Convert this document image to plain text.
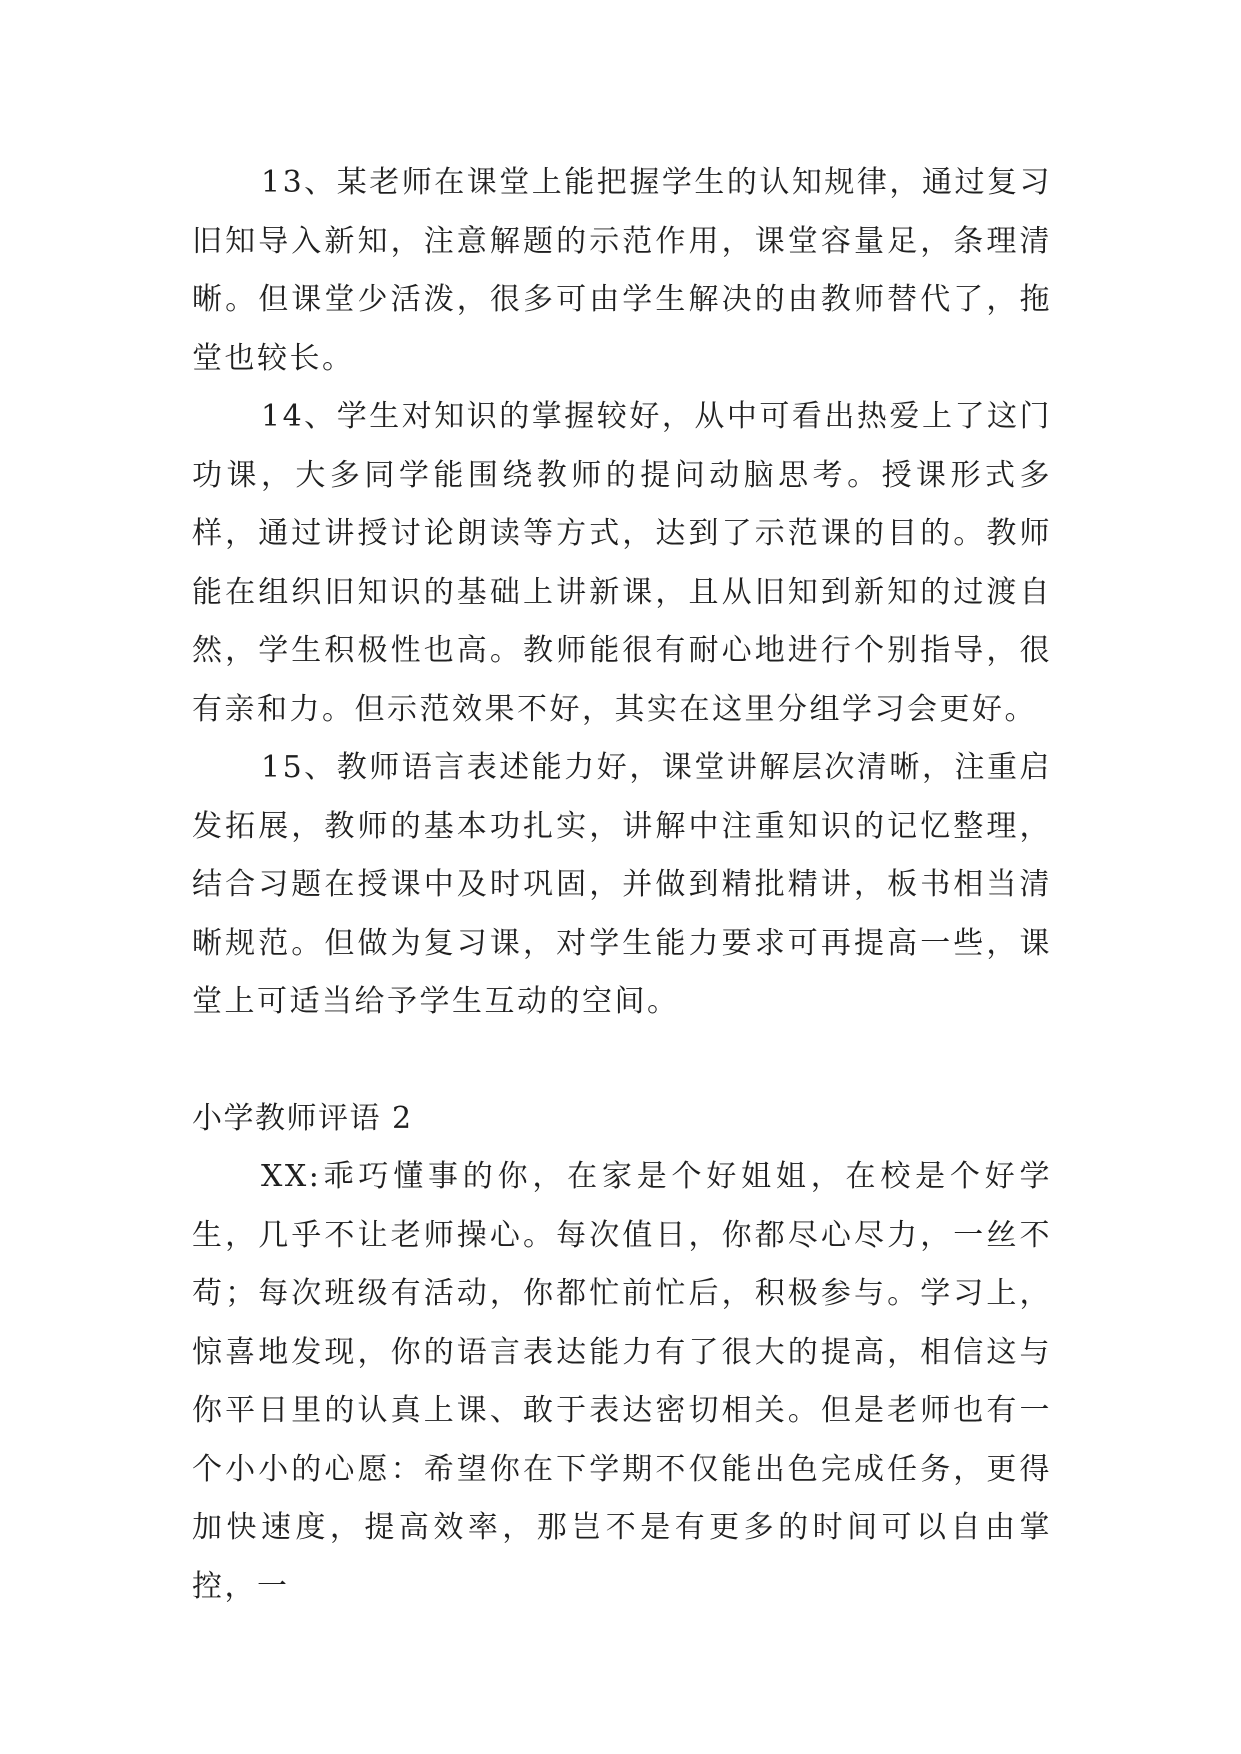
13、某老师在课堂上能把握学生的认知规律，通过复习旧知导入新知，注意解题的示范作用，课堂容量足，条理清晰。但课堂少活泼，很多可由学生解决的由教师替代了，拖堂也较长。

14、学生对知识的掌握较好，从中可看出热爱上了这门功课，大多同学能围绕教师的提问动脑思考。授课形式多样，通过讲授讨论朗读等方式，达到了示范课的目的。教师能在组织旧知识的基础上讲新课，且从旧知到新知的过渡自然，学生积极性也高。教师能很有耐心地进行个别指导，很有亲和力。但示范效果不好，其实在这里分组学习会更好。

15、教师语言表述能力好，课堂讲解层次清晰，注重启发拓展，教师的基本功扎实，讲解中注重知识的记忆整理，结合习题在授课中及时巩固，并做到精批精讲，板书相当清晰规范。但做为复习课，对学生能力要求可再提高一些，课堂上可适当给予学生互动的空间。

小学教师评语 2

XX:乖巧懂事的你，在家是个好姐姐，在校是个好学生，几乎不让老师操心。每次值日，你都尽心尽力，一丝不苟；每次班级有活动，你都忙前忙后，积极参与。学习上，惊喜地发现，你的语言表达能力有了很大的提高，相信这与你平日里的认真上课、敢于表达密切相关。但是老师也有一个小小的心愿：希望你在下学期不仅能出色完成任务，更得加快速度，提高效率，那岂不是有更多的时间可以自由掌控，一
